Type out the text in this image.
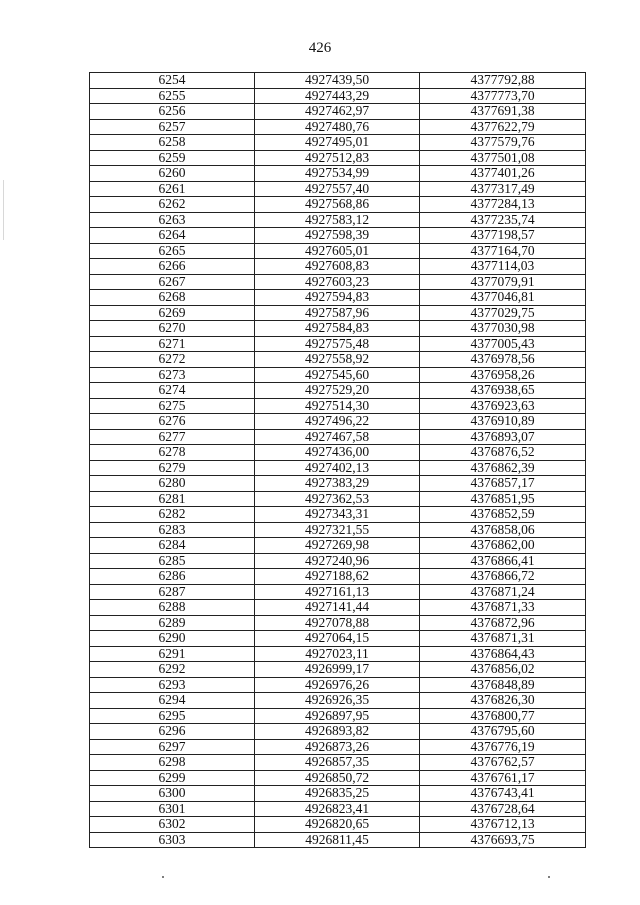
426
6254	4927439,50	4377792,88
6255	4927443,29	4377773,70
6256	4927462,97	4377691,38
6257	4927480,76	4377622,79
6258	4927495,01	4377579,76
6259	4927512,83	4377501,08
6260	4927534,99	4377401,26
6261	4927557,40	4377317,49
6262	4927568,86	4377284,13
6263	4927583,12	4377235,74
6264	4927598,39	4377198,57
6265	4927605,01	4377164,70
6266	4927608,83	4377114,03
6267	4927603,23	4377079,91
6268	4927594,83	4377046,81
6269	4927587,96	4377029,75
6270	4927584,83	4377030,98
6271	4927575,48	4377005,43
6272	4927558,92	4376978,56
6273	4927545,60	4376958,26
6274	4927529,20	4376938,65
6275	4927514,30	4376923,63
6276	4927496,22	4376910,89
6277	4927467,58	4376893,07
6278	4927436,00	4376876,52
6279	4927402,13	4376862,39
6280	4927383,29	4376857,17
6281	4927362,53	4376851,95
6282	4927343,31	4376852,59
6283	4927321,55	4376858,06
6284	4927269,98	4376862,00
6285	4927240,96	4376866,41
6286	4927188,62	4376866,72
6287	4927161,13	4376871,24
6288	4927141,44	4376871,33
6289	4927078,88	4376872,96
6290	4927064,15	4376871,31
6291	4927023,11	4376864,43
6292	4926999,17	4376856,02
6293	4926976,26	4376848,89
6294	4926926,35	4376826,30
6295	4926897,95	4376800,77
6296	4926893,82	4376795,60
6297	4926873,26	4376776,19
6298	4926857,35	4376762,57
6299	4926850,72	4376761,17
6300	4926835,25	4376743,41
6301	4926823,41	4376728,64
6302	4926820,65	4376712,13
6303	4926811,45	4376693,75
